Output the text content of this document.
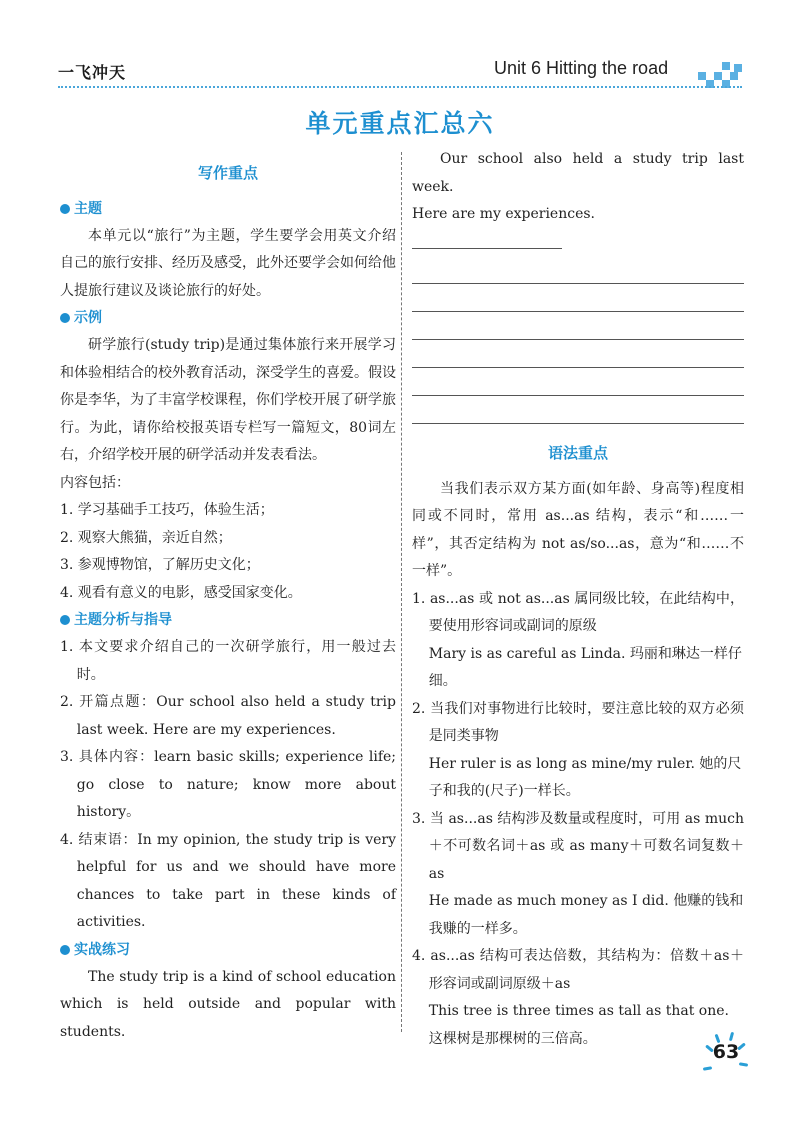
一飞冲天	Unit 6 Hitting the road
单元重点汇总六
写作重点
主题

本单元以“旅行”为主题，学生要学会用英文介绍自己的旅行安排、经历及感受，此外还要学会如何给他人提旅行建议及谈论旅行的好处。

示例

研学旅行(study trip)是通过集体旅行来开展学习和体验相结合的校外教育活动，深受学生的喜爱。假设你是李华，为了丰富学校课程，你们学校开展了研学旅行。为此，请你给校报英语专栏写一篇短文，80词左右，介绍学校开展的研学活动并发表看法。

内容包括：

1. 学习基础手工技巧，体验生活；

2. 观察大熊猫，亲近自然；

3. 参观博物馆，了解历史文化；

4. 观看有意义的电影，感受国家变化。

主题分析与指导

1. 本文要求介绍自己的一次研学旅行，用一般过去时。

2. 开篇点题：Our school also held a study trip last week. Here are my experiences.

3. 具体内容：learn basic skills; experience life; go close to nature; know more about history。

4. 结束语：In my opinion, the study trip is very helpful for us and we should have more chances to take part in these kinds of activities.

实战练习

The study trip is a kind of school education which is held outside and popular with students.

Our school also held a study trip last week.

Here are my experiences.

语法重点

当我们表示双方某方面(如年龄、身高等)程度相同或不同时，常用 as...as 结构，表示“和……一样”，其否定结构为 not as/so...as，意为“和……不一样”。

1. as...as 或 not as...as 属同级比较，在此结构中，要使用形容词或副词的原级

Mary is as careful as Linda. 玛丽和琳达一样仔细。

2. 当我们对事物进行比较时，要注意比较的双方必须是同类事物

Her ruler is as long as mine/my ruler. 她的尺子和我的(尺子)一样长。

3. 当 as...as 结构涉及数量或程度时，可用 as much＋不可数名词＋as 或 as many＋可数名词复数＋as

He made as much money as I did. 他赚的钱和我赚的一样多。

4. as...as 结构可表达倍数，其结构为：倍数＋as＋形容词或副词原级＋as

This tree is three times as tall as that one. 这棵树是那棵树的三倍高。

63
